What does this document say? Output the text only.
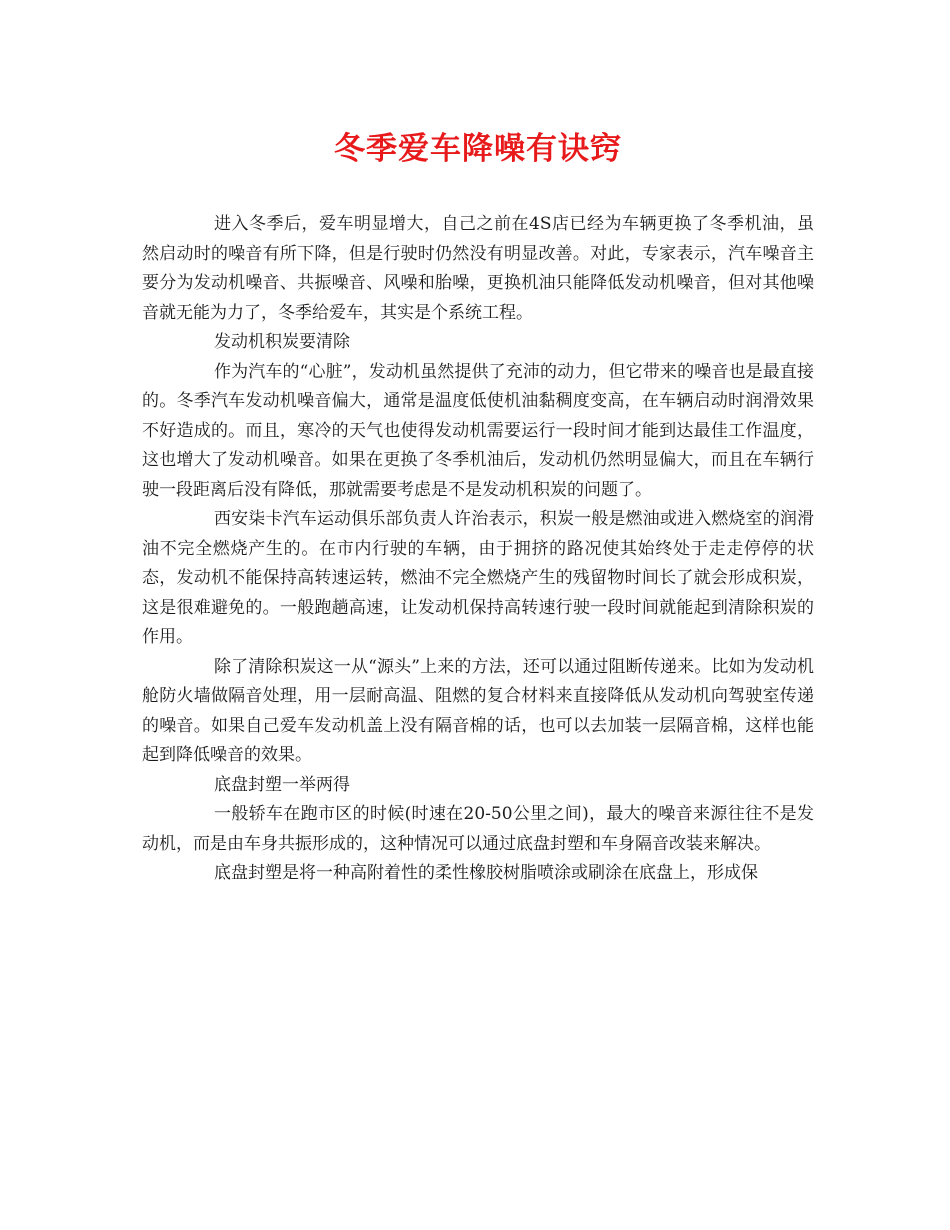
冬季爱车降噪有诀窍

进入冬季后，爱车明显增大，自己之前在4S店已经为车辆更换了冬季机油，虽然启动时的噪音有所下降，但是行驶时仍然没有明显改善。对此，专家表示，汽车噪音主要分为发动机噪音、共振噪音、风噪和胎噪，更换机油只能降低发动机噪音，但对其他噪音就无能为力了，冬季给爱车，其实是个系统工程。

发动机积炭要清除

作为汽车的“心脏”，发动机虽然提供了充沛的动力，但它带来的噪音也是最直接的。冬季汽车发动机噪音偏大，通常是温度低使机油黏稠度变高，在车辆启动时润滑效果不好造成的。而且，寒冷的天气也使得发动机需要运行一段时间才能到达最佳工作温度，这也增大了发动机噪音。如果在更换了冬季机油后，发动机仍然明显偏大，而且在车辆行驶一段距离后没有降低，那就需要考虑是不是发动机积炭的问题了。

西安柒卡汽车运动俱乐部负责人许治表示，积炭一般是燃油或进入燃烧室的润滑油不完全燃烧产生的。在市内行驶的车辆，由于拥挤的路况使其始终处于走走停停的状态，发动机不能保持高转速运转，燃油不完全燃烧产生的残留物时间长了就会形成积炭，这是很难避免的。一般跑趟高速，让发动机保持高转速行驶一段时间就能起到清除积炭的作用。

除了清除积炭这一从“源头”上来的方法，还可以通过阻断传递来。比如为发动机舱防火墙做隔音处理，用一层耐高温、阻燃的复合材料来直接降低从发动机向驾驶室传递的噪音。如果自己爱车发动机盖上没有隔音棉的话，也可以去加装一层隔音棉，这样也能起到降低噪音的效果。

底盘封塑一举两得

一般轿车在跑市区的时候(时速在20-50公里之间)，最大的噪音来源往往不是发动机，而是由车身共振形成的，这种情况可以通过底盘封塑和车身隔音改装来解决。

底盘封塑是将一种高附着性的柔性橡胶树脂喷涂或刷涂在底盘上，形成保
